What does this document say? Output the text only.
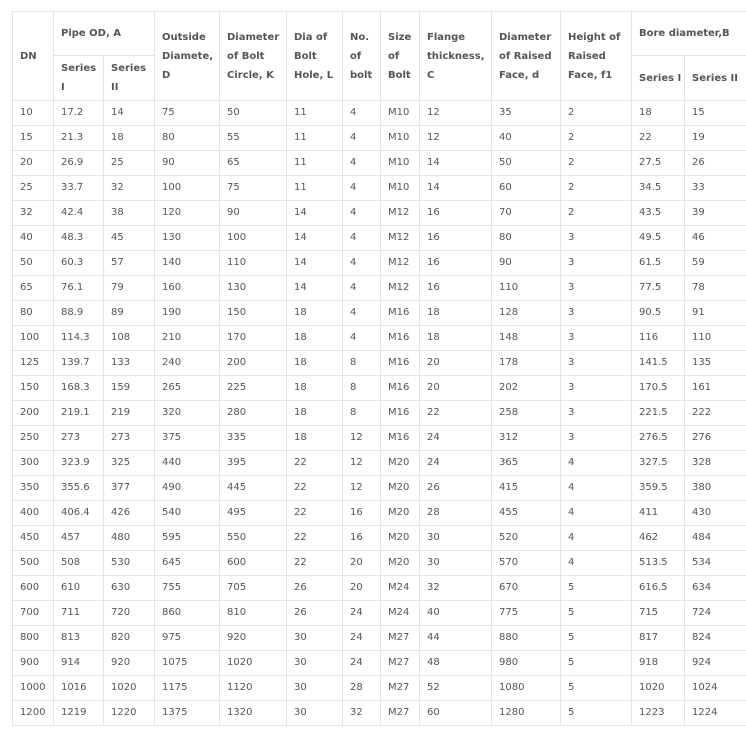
DN	Pipe OD, A		Outside Diamete, D	Diameter of Bolt Circle, K	Dia of Bolt Hole, L	No. of bolt	Size of Bolt	Flange thickness, C	Diameter of Raised Face, d	Height of Raised Face, f1	Bore diameter,B	
	Series I	Series II									Series I	Series II
10	17.2	14	75	50	11	4	M10	12	35	2	18	15
15	21.3	18	80	55	11	4	M10	12	40	2	22	19
20	26.9	25	90	65	11	4	M10	14	50	2	27.5	26
25	33.7	32	100	75	11	4	M10	14	60	2	34.5	33
32	42.4	38	120	90	14	4	M12	16	70	2	43.5	39
40	48.3	45	130	100	14	4	M12	16	80	3	49.5	46
50	60.3	57	140	110	14	4	M12	16	90	3	61.5	59
65	76.1	79	160	130	14	4	M12	16	110	3	77.5	78
80	88.9	89	190	150	18	4	M16	18	128	3	90.5	91
100	114.3	108	210	170	18	4	M16	18	148	3	116	110
125	139.7	133	240	200	18	8	M16	20	178	3	141.5	135
150	168.3	159	265	225	18	8	M16	20	202	3	170.5	161
200	219.1	219	320	280	18	8	M16	22	258	3	221.5	222
250	273	273	375	335	18	12	M16	24	312	3	276.5	276
300	323.9	325	440	395	22	12	M20	24	365	4	327.5	328
350	355.6	377	490	445	22	12	M20	26	415	4	359.5	380
400	406.4	426	540	495	22	16	M20	28	455	4	411	430
450	457	480	595	550	22	16	M20	30	520	4	462	484
500	508	530	645	600	22	20	M20	30	570	4	513.5	534
600	610	630	755	705	26	20	M24	32	670	5	616.5	634
700	711	720	860	810	26	24	M24	40	775	5	715	724
800	813	820	975	920	30	24	M27	44	880	5	817	824
900	914	920	1075	1020	30	24	M27	48	980	5	918	924
1000	1016	1020	1175	1120	30	28	M27	52	1080	5	1020	1024
1200	1219	1220	1375	1320	30	32	M27	60	1280	5	1223	1224
